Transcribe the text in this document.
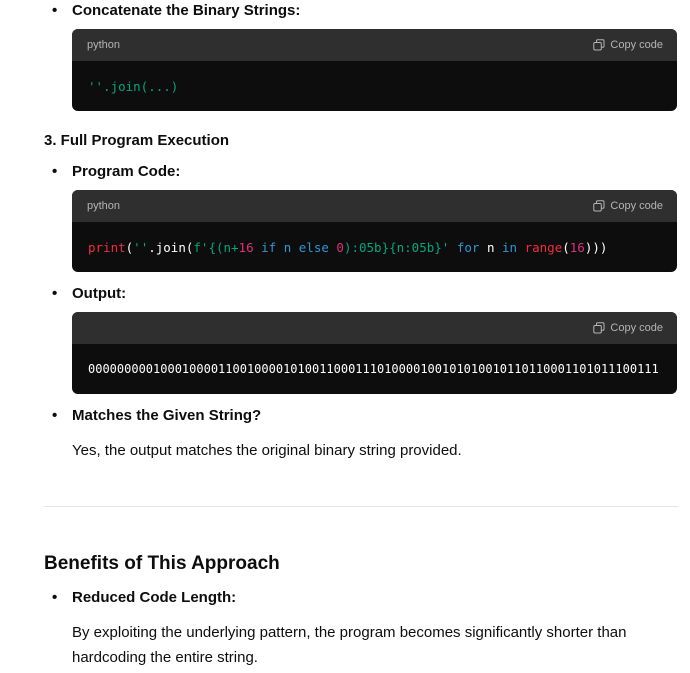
• Concatenate the Binary Strings:
python	Copy code
''.join(...)
3. Full Program Execution
• Program Code:
python	Copy code
print ( '' .join( f'{(n+ 16 if n else 0 ):05b}{n:05b}' for n in range ( 16 )))
• Output:
Copy code
0000000001000100001100100001010011000111010000100101010010110110001101011100111
• Matches the Given String?
Yes, the output matches the original binary string provided.
Benefits of This Approach
• Reduced Code Length:
By exploiting the underlying pattern, the program becomes significantly shorter than hardcoding the entire string.
